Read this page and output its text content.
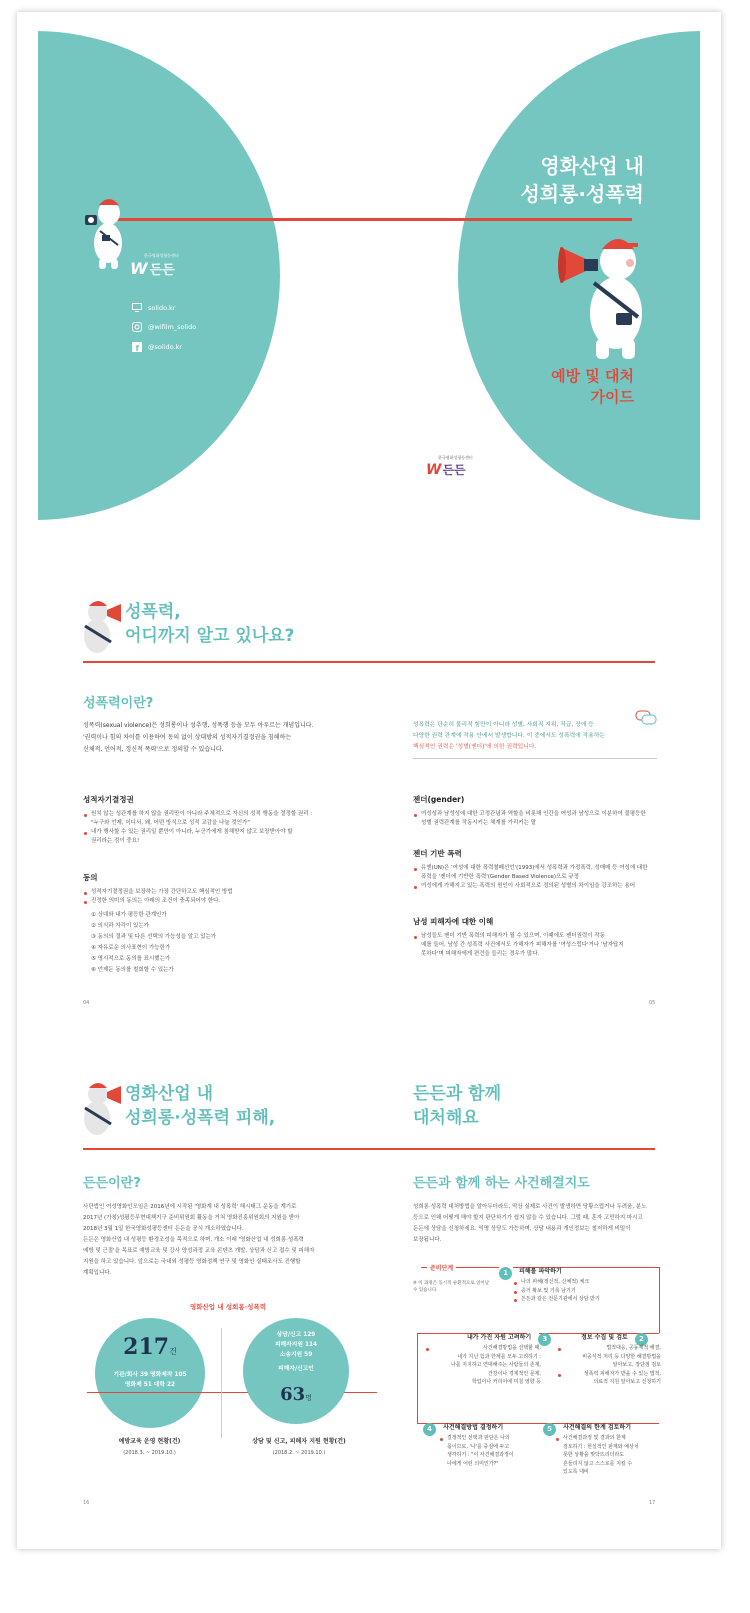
한국영화성평등센터
W 든든
solido.kr
@wifilm_solido
f @solido.kr
영화산업 내
성희롱·성폭력
예방 및 대처
가이드
한국영화성평등센터
W 든든
성폭력,
어디까지 알고 있나요?
성폭력이란?
성폭력(sexual violence)은 성희롱이나 성추행, 성폭행 등을 모두 아우르는 개념입니다.
'권력이나 힘의 차이를 이용하여 동의 없이 상대방의 성적자기결정권을 침해하는
신체적, 언어적, 정신적 폭력'으로 정의할 수 있습니다.
성폭력은 단순히 물리적 힘만이 아니라 성별, 사회적 지위, 직급, 장애 등
다양한 권력 관계에 작용 안에서 발생합니다. 이 중에서도 성폭력에 작용하는
핵심적인 권력은 '성별(젠더)'에 의한 권력입니다.
성적자기결정권
원치 않는 성관계를 하지 않을 권리만이 아니라 주체적으로 자신의 성적 행동을 결정할 권리 :
"누구와 언제, 어디서, 왜, 어떤 방식으로 성적 교감을 나눌 것인가"
내가 행사할 수 있는 권리일 뿐만이 아니라, 누군가에게 침해받지 않고 보장받아야 할
권리라는 점이 중요!
동의
성적자기결정권을 보장하는 가장 간단하고도 핵심적인 방법
진정한 의미의 동의는 아래의 조건이 충족되어야 한다.
① 상대와 내가 평등한 관계인가
② 의식과 자각이 있는가
③ 동의의 결과 및 다른 선택의 가능성을 알고 있는가
④ 자유로운 의사표현이 가능한가
⑤ 명시적으로 동의를 표시했는가
⑥ 언제든 동의를 철회할 수 있는가
젠더(gender)
여성성과 남성성에 대한 고정관념과 역할을 비롯해 인간을 여성과 남성으로 이분하여 불평등한
성별 권력관계를 작동시키는 체계를 가리키는 말
젠더 기반 폭력
유엔(UN)은 '여성에 대한 폭력철폐선언'(1993)에서 성폭력과 가정폭력, 성매매 등 여성에 대한
폭력을 '젠더에 기반한 폭력'(Gender Based Violence)으로 규정
여성에게 가해지고 있는 폭력의 원인이 사회적으로 정의된 성별의 차이임을 강조하는 용어
남성 피해자에 대한 이해
남성들도 젠더 기반 폭력의 피해자가 될 수 있으며, 이때에도 젠더권력이 작동
예를 들어, 남성 간 성폭력 사건에서도 가해자가 피해자를 '여성스럽다'거나 '남자답지
못하다'며 피해자에게 편견을 들리는 경우가 많다.
04	05
영화산업 내
성희롱·성폭력 피해,
든든과 함께
대처해요
든든이란?
사단법인 여성영화인모임은 2016년에 시작된 '영화계 내 성폭력' 해시태그 운동을 계기로
2017년 (가칭)성평등무현대책기구 준비위원회 활동을 거쳐 영화진흥위원회의 지원을 받아
2018년 3월 1일 한국영화성평등센터 든든을 공식 개소하였습니다.
든든은 영화산업 내 성평등 환경조성을 목적으로 하며, 개소 이래 '영화산업 내 성희롱·성폭력
예방 및 근절'을 목표로 예방교육 및 강사 양성과정 교육 콘텐츠 개발, 상담과 신고 접수 및 피해자
지원을 하고 있습니다. 앞으로는 국내외 성평등 영화정책 연구 및 영화인 실태조사도 진행할
계획입니다.
영화산업 내 성희롱·성폭력
217건
기관/회사 39 영화제작 105
영화제 51 대학 22
예방교육 운영 현황(건)
(2018.3. ~ 2019.10.)
상담/신고 129
피해자지원 114
소송지원 59
피해자/신고인
63명
상담 및 신고, 피해자 지원 현황(건)
(2018.2. ~ 2019.10.)
든든과 함께 하는 사건해결지도
성희롱·성폭력 대처방법을 알아두더라도, 막상 실제로 사건이 발생하면 당황스럽거나 두려움, 분노
등으로 인해 어떻게 해야 할지 판단하기가 쉽지 않을 수 있습니다. 그럴 때, 혼자 고민하지 마시고
든든에 상담을 신청하세요. 익명 상담도 가능하며, 상담 내용과 개인정보는 철저하게 비밀이
보장됩니다.
준비단계
※ 이 과정은 동시적 순환적으로 일어날 수 있습니다.
1 피해를 파악하기
나의 피해(정신적, 신체적) 체크
증거 확보 및 기록 남기기
든든과 같은 전문기관에서 상담 받기
정보 수집 및 검토 2
법적대응, 공동체적 해결,
비공식적 처리 등 다양한 해결방법을
알아보고, 장단점 검토
성폭력 피해자가 받을 수 있는 법적,
의료적 지원 알아보고 신청하기
내가 가진 자원 고려하기 3
사건해결방법을 선택할 때,
내가 지닌 힘과 한계를 모두 고려하기 :
나를 지지하고 연대해주는 사람들의 존재,
건강이나 경제적인 문제,
학업이나 커리어에 미칠 영향 등
4 사건해결방법 결정하기
결정적인 선택과 판단은 나의
몫이므로, '나'를 중심에 두고
생각하기 : "이 사건해결과정이
나에게 어떤 의미인가?"
5 사건해결의 한계 검토하기
사건해결과정 및 결과의 한계
검토하기 : 현실적인 판계와 예상치
못한 상황을 맞닥뜨리더라도
흔들리지 않고 스스로를 지킬 수
있도록 대비
16	17
